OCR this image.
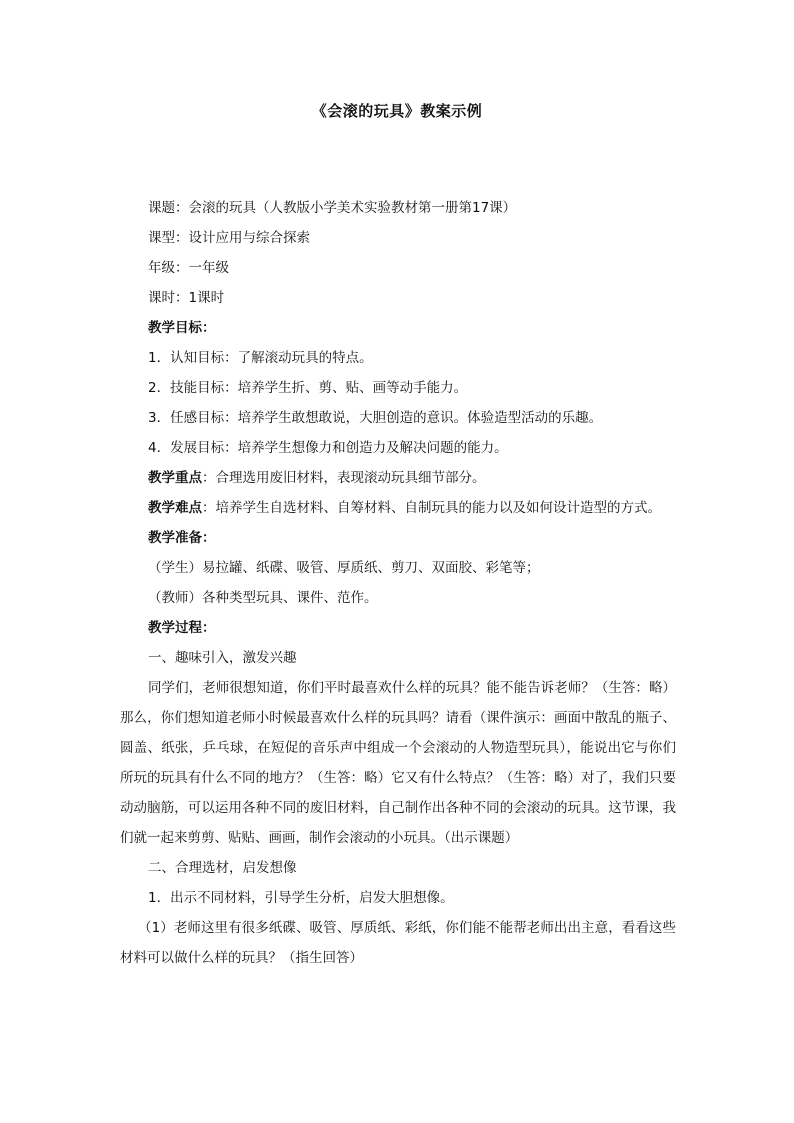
《会滚的玩具》教案示例

课题：会滚的玩具（人教版小学美术实验教材第一册第17课）

课型：设计应用与综合探索

年级：一年级

课时：1课时

教学目标：

1．认知目标：了解滚动玩具的特点。

2．技能目标：培养学生折、剪、贴、画等动手能力。

3．任感目标：培养学生敢想敢说，大胆创造的意识。体验造型活动的乐趣。

4．发展目标：培养学生想像力和创造力及解决问题的能力。

教学重点：合理选用废旧材料，表现滚动玩具细节部分。

教学难点：培养学生自选材料、自筹材料、自制玩具的能力以及如何设计造型的方式。

教学准备：

（学生）易拉罐、纸碟、吸管、厚质纸、剪刀、双面胶、彩笔等；

（教师）各种类型玩具、课件、范作。

教学过程：

一、趣味引入，激发兴趣

同学们，老师很想知道，你们平时最喜欢什么样的玩具？能不能告诉老师？（生答：略）那么，你们想知道老师小时候最喜欢什么样的玩具吗？请看（课件演示：画面中散乱的瓶子、圆盖、纸张，乒乓球，在短促的音乐声中组成一个会滚动的人物造型玩具），能说出它与你们所玩的玩具有什么不同的地方？（生答：略）它又有什么特点？（生答：略）对了，我们只要动动脑筋，可以运用各种不同的废旧材料，自己制作出各种不同的会滚动的玩具。这节课，我们就一起来剪剪、贴贴、画画，制作会滚动的小玩具。（出示课题）

二、合理选材，启发想像

1．出示不同材料，引导学生分析，启发大胆想像。

（1）老师这里有很多纸碟、吸管、厚质纸、彩纸，你们能不能帮老师出出主意，看看这些材料可以做什么样的玩具？（指生回答）
